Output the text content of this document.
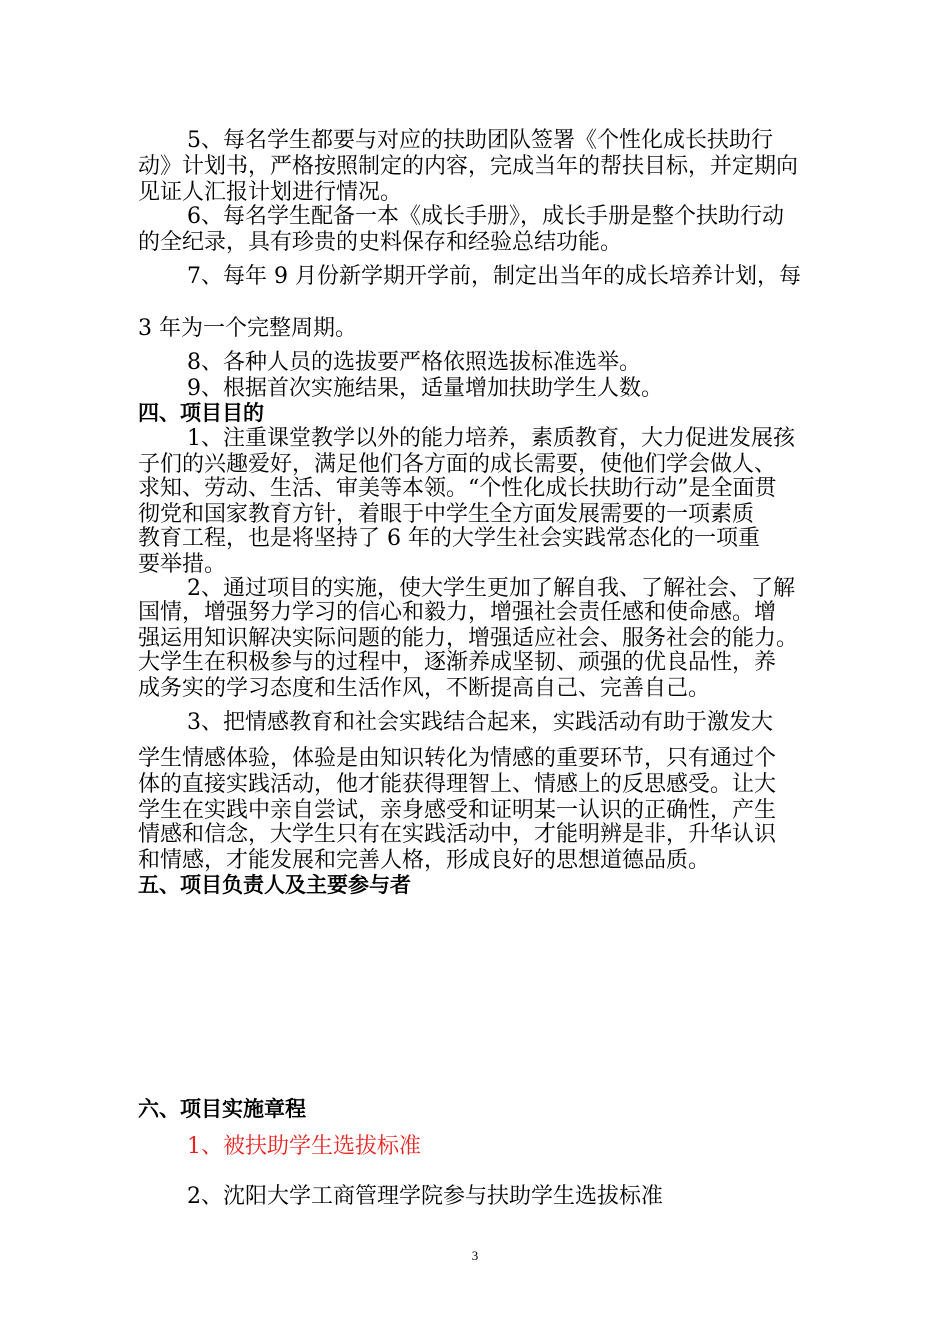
5、每名学生都要与对应的扶助团队签署《个性化成长扶助行
动》计划书，严格按照制定的内容，完成当年的帮扶目标，并定期向
见证人汇报计划进行情况。
6、每名学生配备一本《成长手册》，成长手册是整个扶助行动
的全纪录，具有珍贵的史料保存和经验总结功能。
7、每年 9 月份新学期开学前，制定出当年的成长培养计划，每
3 年为一个完整周期。
8、各种人员的选拔要严格依照选拔标准选举。
9、根据首次实施结果，适量增加扶助学生人数。
四、项目目的
1、注重课堂教学以外的能力培养，素质教育，大力促进发展孩
子们的兴趣爱好，满足他们各方面的成长需要，使他们学会做人、
求知、劳动、生活、审美等本领。“个性化成长扶助行动”是全面贯
彻党和国家教育方针，着眼于中学生全方面发展需要的一项素质
教育工程，也是将坚持了 6 年的大学生社会实践常态化的一项重
要举措。
2、通过项目的实施，使大学生更加了解自我、了解社会、了解
国情，增强努力学习的信心和毅力，增强社会责任感和使命感。增
强运用知识解决实际问题的能力，增强适应社会、服务社会的能力。
大学生在积极参与的过程中，逐渐养成坚韧、顽强的优良品性，养
成务实的学习态度和生活作风，不断提高自己、完善自己。
3、把情感教育和社会实践结合起来，实践活动有助于激发大
学生情感体验，体验是由知识转化为情感的重要环节，只有通过个
体的直接实践活动，他才能获得理智上、情感上的反思感受。让大
学生在实践中亲自尝试，亲身感受和证明某一认识的正确性，产生
情感和信念，大学生只有在实践活动中，才能明辨是非，升华认识
和情感，才能发展和完善人格，形成良好的思想道德品质。
五、项目负责人及主要参与者
六、项目实施章程
1、被扶助学生选拔标准
2、沈阳大学工商管理学院参与扶助学生选拔标准
3
